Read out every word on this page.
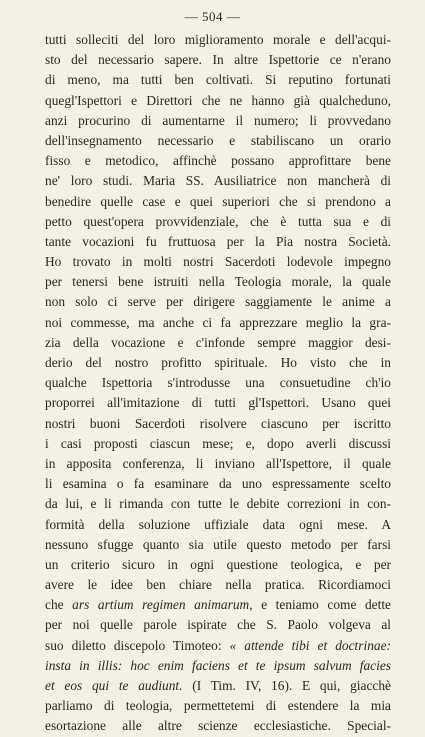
— 504 —
tutti solleciti del loro miglioramento morale e dell'acqui-
sto del necessario sapere. In altre Ispettorie ce n'erano
di meno, ma tutti ben coltivati. Si reputino fortunati
quegl'Ispettori e Direttori che ne hanno già qualcheduno,
anzi procurino di aumentarne il numero; li provvedano
dell'insegnamento necessario e stabiliscano un orario
fisso e metodico, affinchè possano approfittare bene
ne' loro studi. Maria SS. Ausiliatrice non mancherà di
benedire quelle case e quei superiori che si prendono a
petto quest'opera provvidenziale, che è tutta sua e di
tante vocazioni fu fruttuosa per la Pia nostra Società.
Ho trovato in molti nostri Sacerdoti lodevole impegno
per tenersi bene istruiti nella Teologia morale, la quale
non solo ci serve per dirigere saggiamente le anime a
noi commesse, ma anche ci fa apprezzare meglio la gra-
zia della vocazione e c'infonde sempre maggior desi-
derio del nostro profitto spirituale. Ho visto che in
qualche Ispettoria s'introdusse una consuetudine ch'io
proporrei all'imitazione di tutti gl'Ispettori. Usano quei
nostri buoni Sacerdoti risolvere ciascuno per iscritto
i casi proposti ciascun mese; e, dopo averli discussi
in apposita conferenza, li inviano all'Ispettore, il quale
li esamina o fa esaminare da uno espressamente scelto
da lui, e li rimanda con tutte le debite correzioni in con-
formità della soluzione uffiziale data ogni mese. A
nessuno sfugge quanto sia utile questo metodo per farsi
un criterio sicuro in ogni questione teologica, e per
avere le idee ben chiare nella pratica. Ricordiamoci
che ars artium regimen animarum, e teniamo come dette
per noi quelle parole ispirate che S. Paolo volgeva al
suo diletto discepolo Timoteo: « attende tibi et doctrinae:
insta in illis: hoc enim faciens et te ipsum salvum facies
et eos qui te audiunt. (I Tim. IV, 16). E qui, giacchè
parliamo di teologia, permettetemi di estendere la mia
esortazione alle altre scienze ecclesiastiche. Special-
